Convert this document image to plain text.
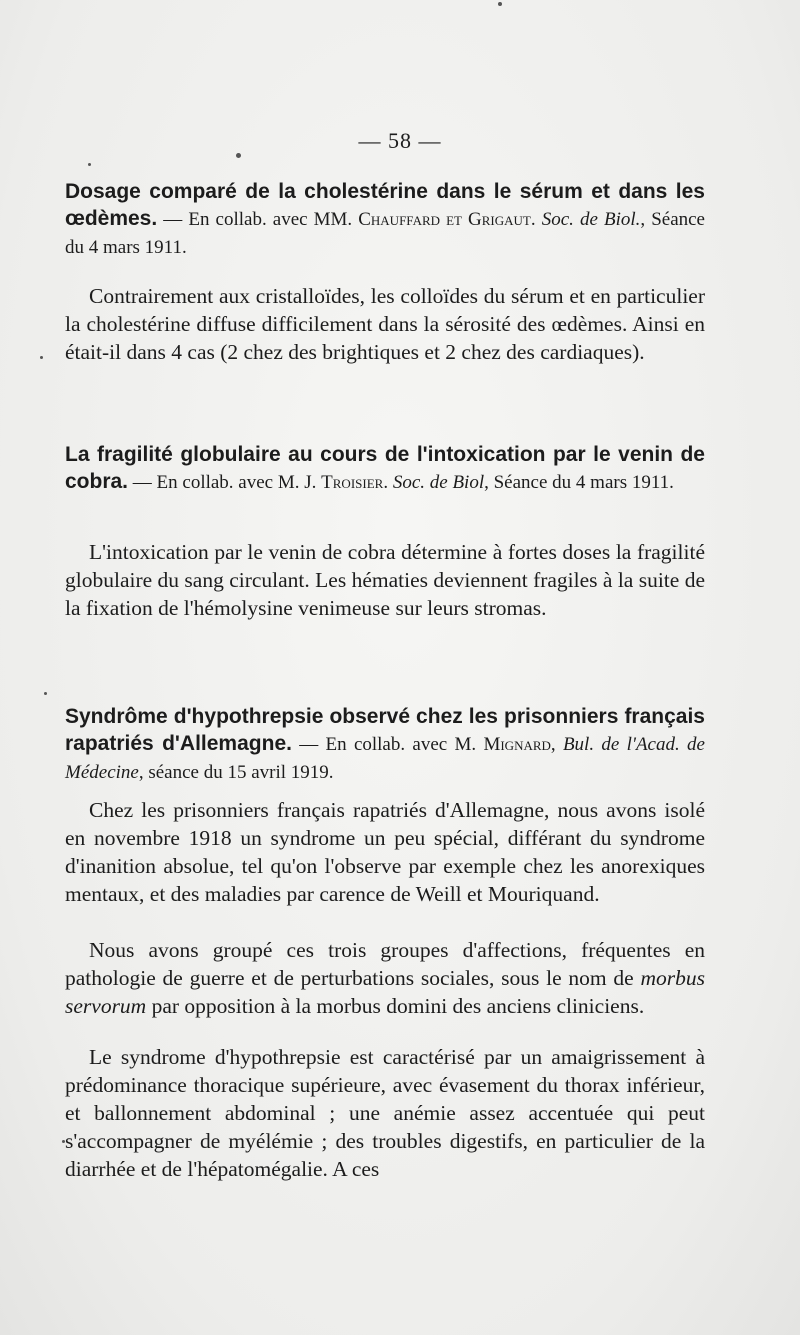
— 58 —
Dosage comparé de la cholestérine dans le sérum et dans les œdèmes. — En collab. avec MM. Chauffard et Grigaut. Soc. de Biol., Séance du 4 mars 1911.

Contrairement aux cristalloïdes, les colloïdes du sérum et en particulier la cholestérine diffuse difficilement dans la sérosité des œdèmes. Ainsi en était-il dans 4 cas (2 chez des brightiques et 2 chez des cardiaques).

La fragilité globulaire au cours de l'intoxication par le venin de cobra. — En collab. avec M. J. Troisier. Soc. de Biol, Séance du 4 mars 1911.

L'intoxication par le venin de cobra détermine à fortes doses la fragilité globulaire du sang circulant. Les hématies deviennent fragiles à la suite de la fixation de l'hémolysine venimeuse sur leurs stromas.

Syndrôme d'hypothrepsie observé chez les prisonniers français rapatriés d'Allemagne. — En collab. avec M. Mignard, Bul. de l'Acad. de Médecine, séance du 15 avril 1919.

Chez les prisonniers français rapatriés d'Allemagne, nous avons isolé en novembre 1918 un syndrome un peu spécial, différant du syndrome d'inanition absolue, tel qu'on l'observe par exemple chez les anorexiques mentaux, et des maladies par carence de Weill et Mouriquand.

Nous avons groupé ces trois groupes d'affections, fréquentes en pathologie de guerre et de perturbations sociales, sous le nom de morbus servorum par opposition à la morbus domini des anciens cliniciens.

Le syndrome d'hypothrepsie est caractérisé par un amaigrissement à prédominance thoracique supérieure, avec évasement du thorax inférieur, et ballonnement abdominal ; une anémie assez accentuée qui peut s'accompagner de myélémie ; des troubles digestifs, en particulier de la diarrhée et de l'hépatomégalie. A ces
